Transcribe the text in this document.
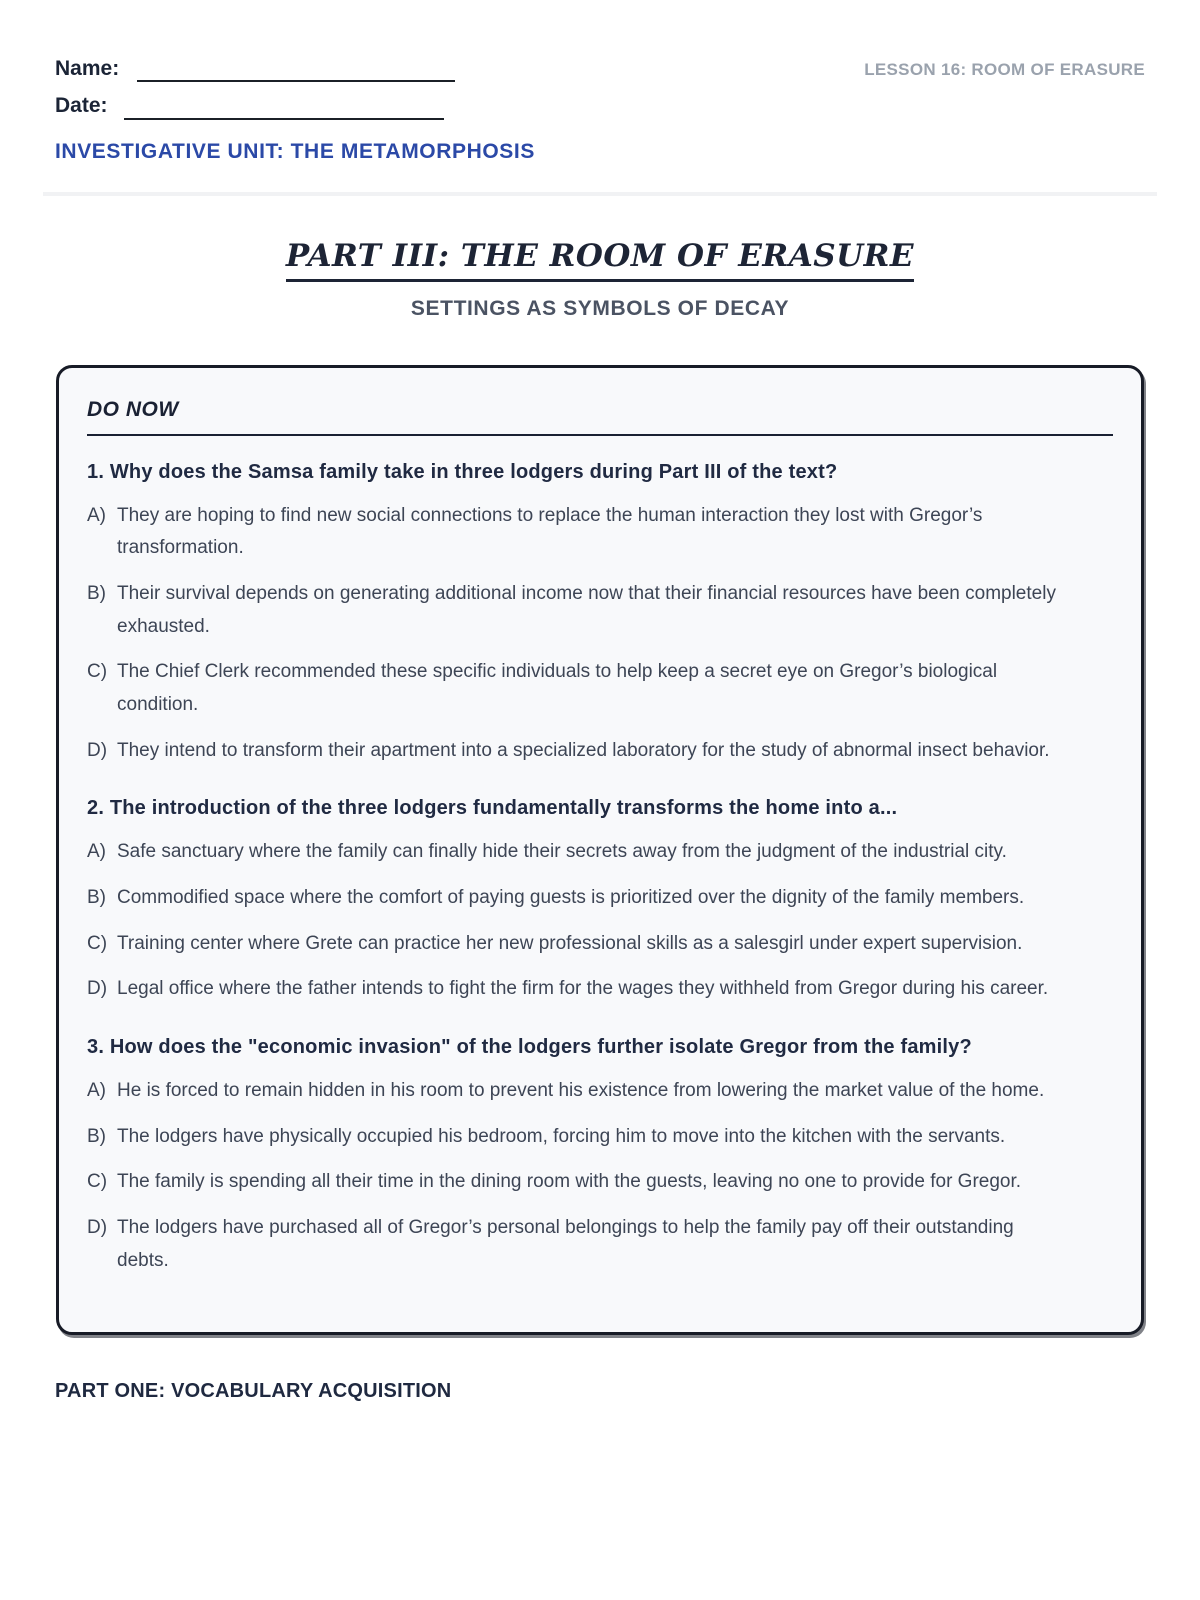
Name:
Date:
LESSON 16: ROOM OF ERASURE
INVESTIGATIVE UNIT: THE METAMORPHOSIS
PART III: THE ROOM OF ERASURE
SETTINGS AS SYMBOLS OF DECAY
DO NOW
1. Why does the Samsa family take in three lodgers during Part III of the text?
A) They are hoping to find new social connections to replace the human interaction they lost with Gregor’s transformation.
B) Their survival depends on generating additional income now that their financial resources have been completely exhausted.
C) The Chief Clerk recommended these specific individuals to help keep a secret eye on Gregor’s biological condition.
D) They intend to transform their apartment into a specialized laboratory for the study of abnormal insect behavior.
2. The introduction of the three lodgers fundamentally transforms the home into a...
A) Safe sanctuary where the family can finally hide their secrets away from the judgment of the industrial city.
B) Commodified space where the comfort of paying guests is prioritized over the dignity of the family members.
C) Training center where Grete can practice her new professional skills as a salesgirl under expert supervision.
D) Legal office where the father intends to fight the firm for the wages they withheld from Gregor during his career.
3. How does the "economic invasion" of the lodgers further isolate Gregor from the family?
A) He is forced to remain hidden in his room to prevent his existence from lowering the market value of the home.
B) The lodgers have physically occupied his bedroom, forcing him to move into the kitchen with the servants.
C) The family is spending all their time in the dining room with the guests, leaving no one to provide for Gregor.
D) The lodgers have purchased all of Gregor’s personal belongings to help the family pay off their outstanding debts.
PART ONE: VOCABULARY ACQUISITION
